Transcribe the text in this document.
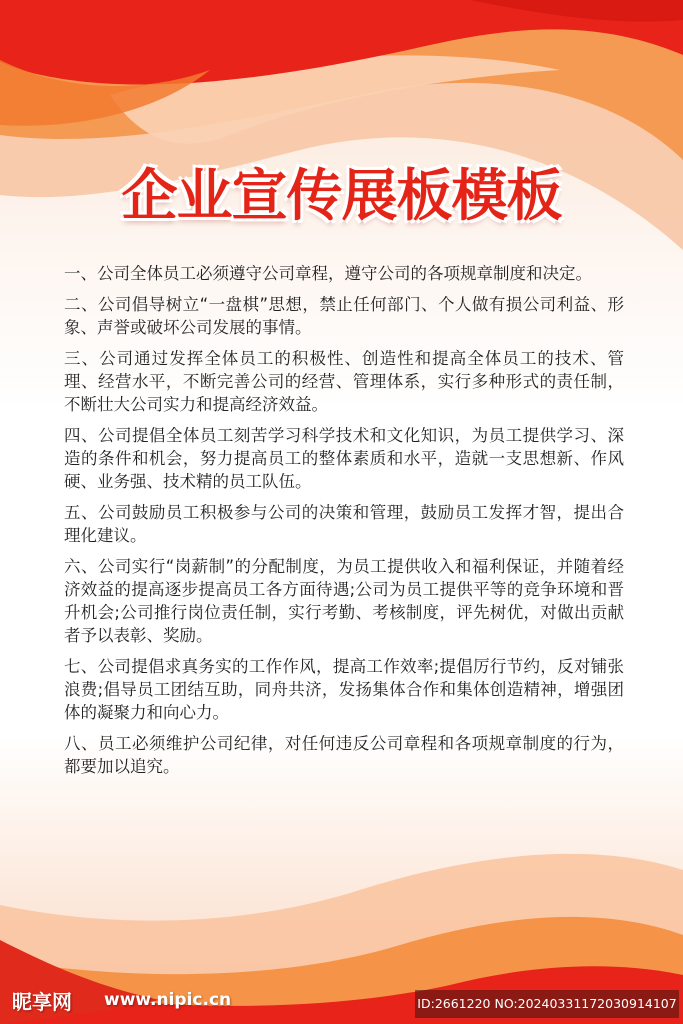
企业宣传展板模板

一、公司全体员工必须遵守公司章程，遵守公司的各项规章制度和决定。

二、公司倡导树立“一盘棋”思想，禁止任何部门、个人做有损公司利益、形象、声誉或破坏公司发展的事情。

三、公司通过发挥全体员工的积极性、创造性和提高全体员工的技术、管理、经营水平，不断完善公司的经营、管理体系，实行多种形式的责任制，不断壮大公司实力和提高经济效益。

四、公司提倡全体员工刻苦学习科学技术和文化知识，为员工提供学习、深造的条件和机会，努力提高员工的整体素质和水平，造就一支思想新、作风硬、业务强、技术精的员工队伍。

五、公司鼓励员工积极参与公司的决策和管理，鼓励员工发挥才智，提出合理化建议。

六、公司实行“岗薪制”的分配制度，为员工提供收入和福利保证，并随着经济效益的提高逐步提高员工各方面待遇;公司为员工提供平等的竞争环境和晋升机会;公司推行岗位责任制，实行考勤、考核制度，评先树优，对做出贡献者予以表彰、奖励。

七、公司提倡求真务实的工作作风，提高工作效率;提倡厉行节约，反对铺张浪费;倡导员工团结互助，同舟共济，发扬集体合作和集体创造精神，增强团体的凝聚力和向心力。

八、员工必须维护公司纪律，对任何违反公司章程和各项规章制度的行为，都要加以追究。

昵享网 www.nipic.cn	ID:2661220 NO:20240331172030914107
